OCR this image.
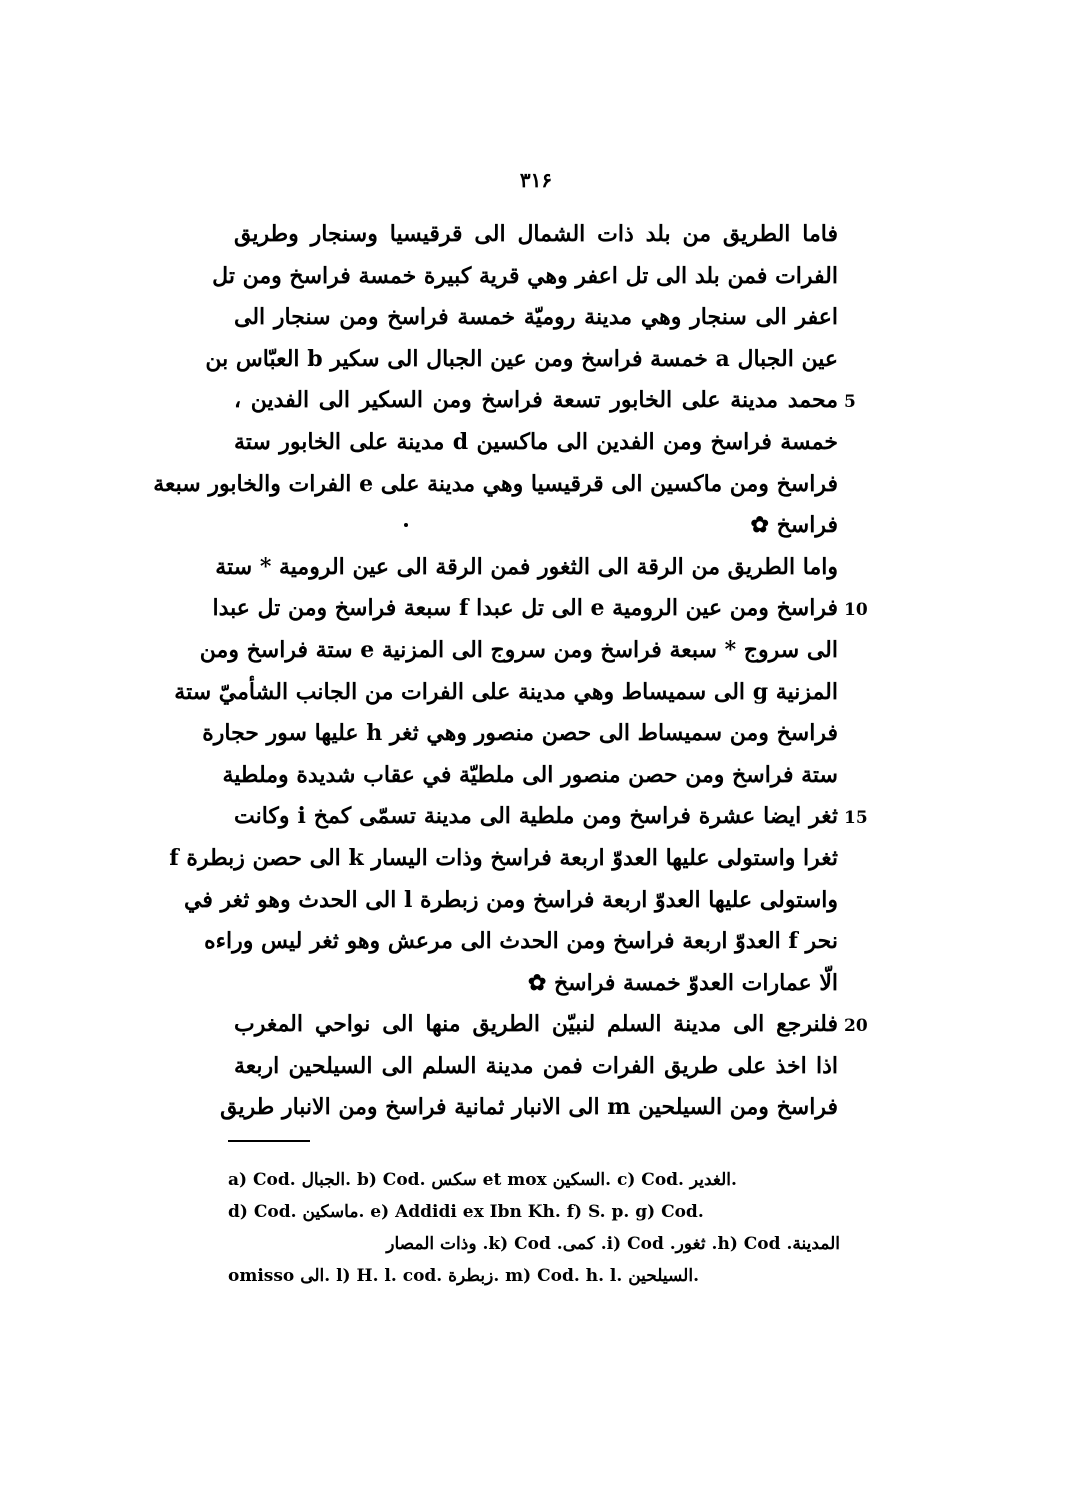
۳۱۶
فاما الطريق من بلد ذات الشمال الى قرقيسيا وسنجار وطريق
الفرات فمن بلد الى تل اعفر وهي قرية كبيرة خمسة فراسخ ومن تل
اعفر الى سنجار وهي مدينة روميّة خمسة فراسخ ومن سنجار الى
عين الجبال a خمسة فراسخ ومن عين الجبال الى سكير b العبّاس بن
5
محمد مدينة على الخابور تسعة فراسخ ومن السكير الى الفدين ،
خمسة فراسخ ومن الفدين الى ماكسين d مدينة على الخابور ستة
فراسخ ومن ماكسين الى قرقيسيا وهي مدينة على e الفرات والخابور سبعة
فراسخ ✿
واما الطريق من الرقة الى الثغور فمن الرقة الى عين الرومية * ستة
10
فراسخ ومن عين الرومية e الى تل عبدا f سبعة فراسخ ومن تل عبدا
الى سروج * سبعة فراسخ ومن سروج الى المزنية e ستة فراسخ ومن
المزنية g الى سميساط وهي مدينة على الفرات من الجانب الشأميّ ستة
فراسخ ومن سميساط الى حصن منصور وهي ثغر h عليها سور حجارة
ستة فراسخ ومن حصن منصور الى ملطيّة في عقاب شديدة وملطية
15
ثغر ايضا عشرة فراسخ ومن ملطية الى مدينة تسمّى كمخ i وكانت
ثغرا واستولى عليها العدوّ اربعة فراسخ وذات اليسار k الى حصن زبطرة f
واستولى عليها العدوّ اربعة فراسخ ومن زبطرة l الى الحدث وهو ثغر في
نحر f العدوّ اربعة فراسخ ومن الحدث الى مرعش وهو ثغر ليس وراءه
الّا عمارات العدوّ خمسة فراسخ ✿
20
فلنرجع الى مدينة السلم لنبيّن الطريق منها الى نواحي المغرب
اذا اخذ على طريق الفرات فمن مدينة السلم الى السيلحين اربعة
فراسخ ومن السيلحين m الى الانبار ثمانية فراسخ ومن الانبار طريق
a) Cod. الجبال. b) Cod. سكس et mox السكين. c) Cod. الغدير.
d) Cod. ماسكين. e) Addidi ex Ibn Kh. f) S. p. g) Cod.
المدينة. h) Cod. ثغور. i) Cod. كمى. k) Cod. وذات المصار
omisso الى. l) H. l. cod. زبطرة. m) Cod. h. l. السيلحين.
